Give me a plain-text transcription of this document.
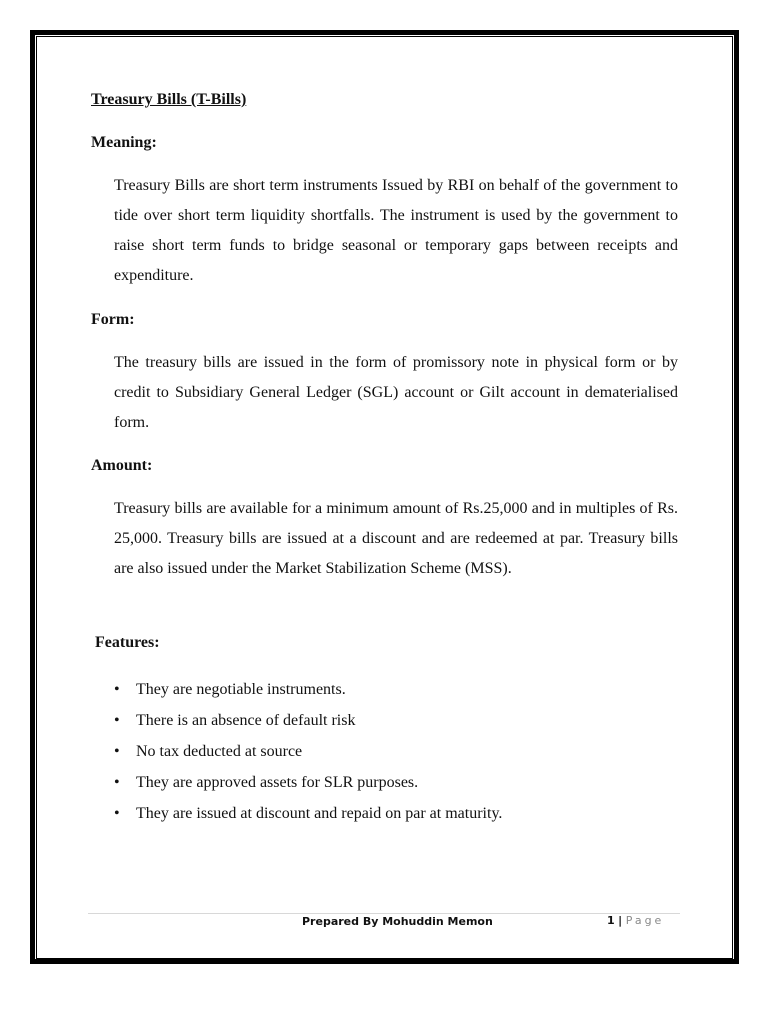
Treasury Bills (T-Bills)
Meaning:
Treasury Bills are short term instruments Issued by RBI on behalf of the government to tide over short term liquidity shortfalls. The instrument is used by the government to raise short term funds to bridge seasonal or temporary gaps between receipts and expenditure.
Form:
The treasury bills are issued in the form of promissory note in physical form or by credit to Subsidiary General Ledger (SGL) account or Gilt account in dematerialised form.
Amount:
Treasury bills are available for a minimum amount of Rs.25,000 and in multiples of Rs. 25,000. Treasury bills are issued at a discount and are redeemed at par. Treasury bills are also issued under the Market Stabilization Scheme (MSS).
Features:
•	They are negotiable instruments.
•	There is an absence of default risk
•	No tax deducted at source
•	They are approved assets for SLR purposes.
•	They are issued at discount and repaid on par at maturity.
Prepared By Mohuddin Memon	1 | Page
